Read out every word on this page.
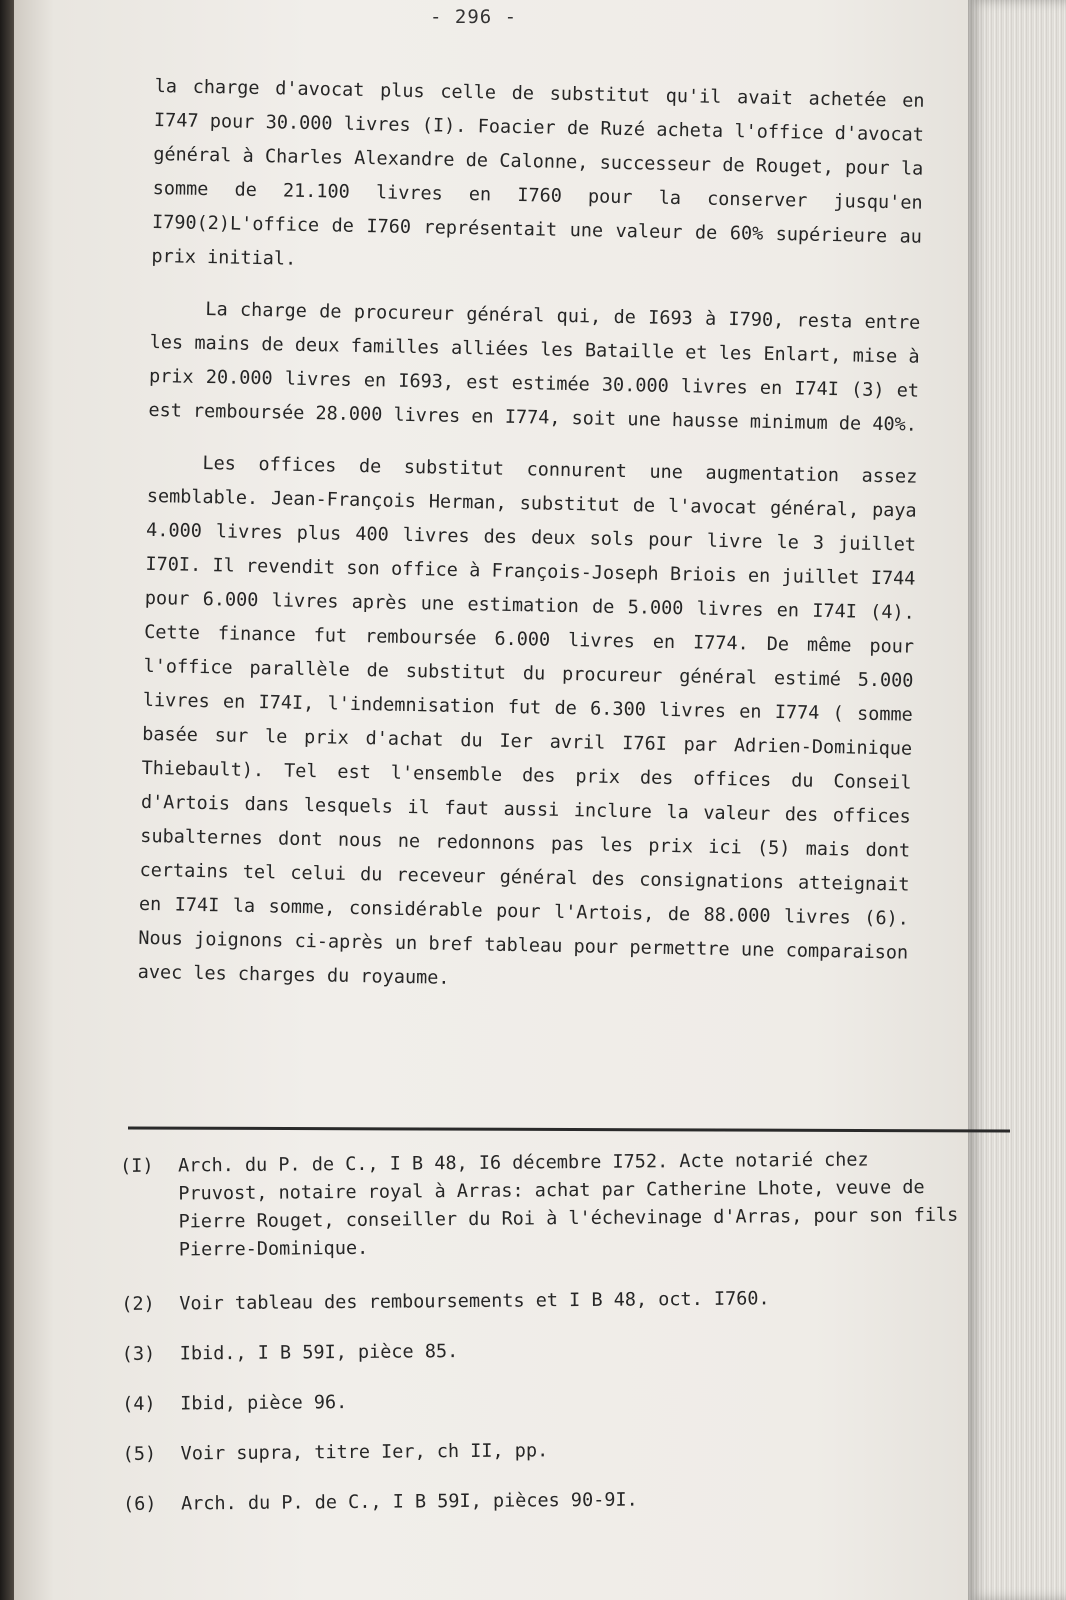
- 296 -

la charge d'avocat plus celle de substitut qu'il avait achetée en I747 pour 30.000 livres (I). Foacier de Ruzé acheta l'office d'avocat général à Charles Alexandre de Calonne, successeur de Rouget, pour la somme de 21.100 livres en I760 pour la conserver jusqu'en I790(2)L'office de I760 représentait une valeur de 60% supérieure au prix initial.

La charge de procureur général qui, de I693 à I790, resta entre les mains de deux familles alliées les Bataille et les Enlart, mise à prix 20.000 livres en I693, est estimée 30.000 livres en I74I (3) et est remboursée 28.000 livres en I774, soit une hausse minimum de 40%.

Les offices de substitut connurent une augmentation assez semblable. Jean-François Herman, substitut de l'avocat général, paya 4.000 livres plus 400 livres des deux sols pour livre le 3 juillet I70I. Il revendit son office à François-Joseph Briois en juillet I744 pour 6.000 livres après une estimation de 5.000 livres en I74I (4). Cette finance fut remboursée 6.000 livres en I774. De même pour l'office parallèle de substitut du procureur général estimé 5.000 livres en I74I, l'indemnisation fut de 6.300 livres en I774 ( somme basée sur le prix d'achat du Ier avril I76I par Adrien-Dominique Thiebault). Tel est l'ensemble des prix des offices du Conseil d'Artois dans lesquels il faut aussi inclure la valeur des offices subalternes dont nous ne redonnons pas les prix ici (5) mais dont certains tel celui du receveur général des consignations atteignait en I74I la somme, considérable pour l'Artois, de 88.000 livres (6). Nous joignons ci-après un bref tableau pour permettre une comparaison avec les charges du royaume.

(I)	Arch. du P. de C., I B 48, I6 décembre I752. Acte notarié chez Pruvost, notaire royal à Arras: achat par Catherine Lhote, veuve de Pierre Rouget, conseiller du Roi à l'échevinage d'Arras, pour son fils Pierre-Dominique.
(2)	Voir tableau des remboursements et I B 48, oct. I760.
(3)	Ibid., I B 59I, pièce 85.
(4)	Ibid, pièce 96.
(5)	Voir supra, titre Ier, ch II, pp.
(6)	Arch. du P. de C., I B 59I, pièces 90-9I.
